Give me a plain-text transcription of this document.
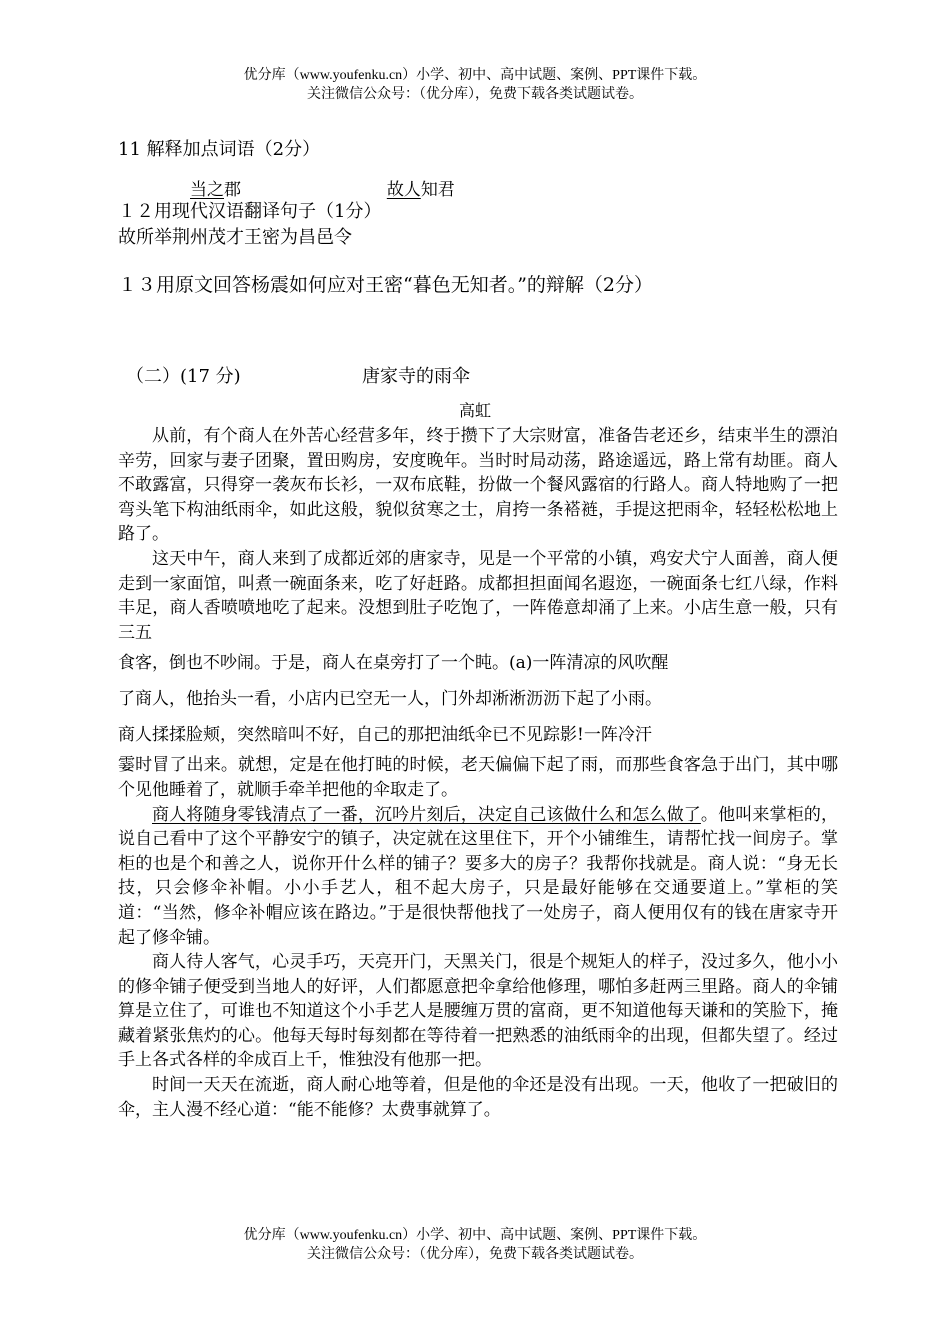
优分库（www.youfenku.cn）小学、初中、高中试题、案例、PPT课件下载。
关注微信公众号：（优分库），免费下载各类试题试卷。
11 解释加点词语（2分）
当之郡	故人知君
１２用现代汉语翻译句子（1分）
故所举荆州茂才王密为昌邑令
１３用原文回答杨震如何应对王密“暮色无知者。”的辩解（2分）
（二）(17 分)	唐家寺的雨伞
高虹

从前，有个商人在外苦心经营多年，终于攒下了大宗财富，准备告老还乡，结束半生的漂泊辛劳，回家与妻子团聚，置田购房，安度晚年。当时时局动荡，路途遥远，路上常有劫匪。商人不敢露富，只得穿一袭灰布长衫，一双布底鞋，扮做一个餐风露宿的行路人。商人特地购了一把弯头笔下构油纸雨伞，如此这般，貌似贫寒之士，肩挎一条褡裢，手提这把雨伞，轻轻松松地上路了。

这天中午，商人来到了成都近郊的唐家寺，见是一个平常的小镇，鸡安犬宁人面善，商人便走到一家面馆，叫煮一碗面条来，吃了好赶路。成都担担面闻名遐迩，一碗面条七红八绿，作料丰足，商人香喷喷地吃了起来。没想到肚子吃饱了，一阵倦意却涌了上来。小店生意一般，只有三五

食客，倒也不吵闹。于是，商人在桌旁打了一个盹。(a)一阵清凉的风吹醒

了商人，他抬头一看，小店内已空无一人，门外却淅淅沥沥下起了小雨。

商人揉揉脸颊，突然暗叫不好，自己的那把油纸伞已不见踪影!一阵冷汗

霎时冒了出来。就想，定是在他打盹的时候，老天偏偏下起了雨，而那些食客急于出门，其中哪个见他睡着了，就顺手牵羊把他的伞取走了。

商人将随身零钱清点了一番，沉吟片刻后，决定自己该做什么和怎么做了。他叫来掌柜的，说自己看中了这个平静安宁的镇子，决定就在这里住下，开个小铺维生，请帮忙找一间房子。掌柜的也是个和善之人，说你开什么样的铺子？要多大的房子？我帮你找就是。商人说：“身无长技，只会修伞补帽。小小手艺人，租不起大房子，只是最好能够在交通要道上。”掌柜的笑道：“当然，修伞补帽应该在路边。”于是很快帮他找了一处房子，商人便用仅有的钱在唐家寺开起了修伞铺。

商人待人客气，心灵手巧，天亮开门，天黑关门，很是个规矩人的样子，没过多久，他小小的修伞铺子便受到当地人的好评，人们都愿意把伞拿给他修理，哪怕多赶两三里路。商人的伞铺算是立住了，可谁也不知道这个小手艺人是腰缠万贯的富商，更不知道他每天谦和的笑脸下，掩藏着紧张焦灼的心。他每天每时每刻都在等待着一把熟悉的油纸雨伞的出现，但都失望了。经过手上各式各样的伞成百上千，惟独没有他那一把。

时间一天天在流逝，商人耐心地等着，但是他的伞还是没有出现。一天，他收了一把破旧的伞，主人漫不经心道：“能不能修？太费事就算了。

优分库（www.youfenku.cn）小学、初中、高中试题、案例、PPT课件下载。
关注微信公众号：（优分库），免费下载各类试题试卷。
